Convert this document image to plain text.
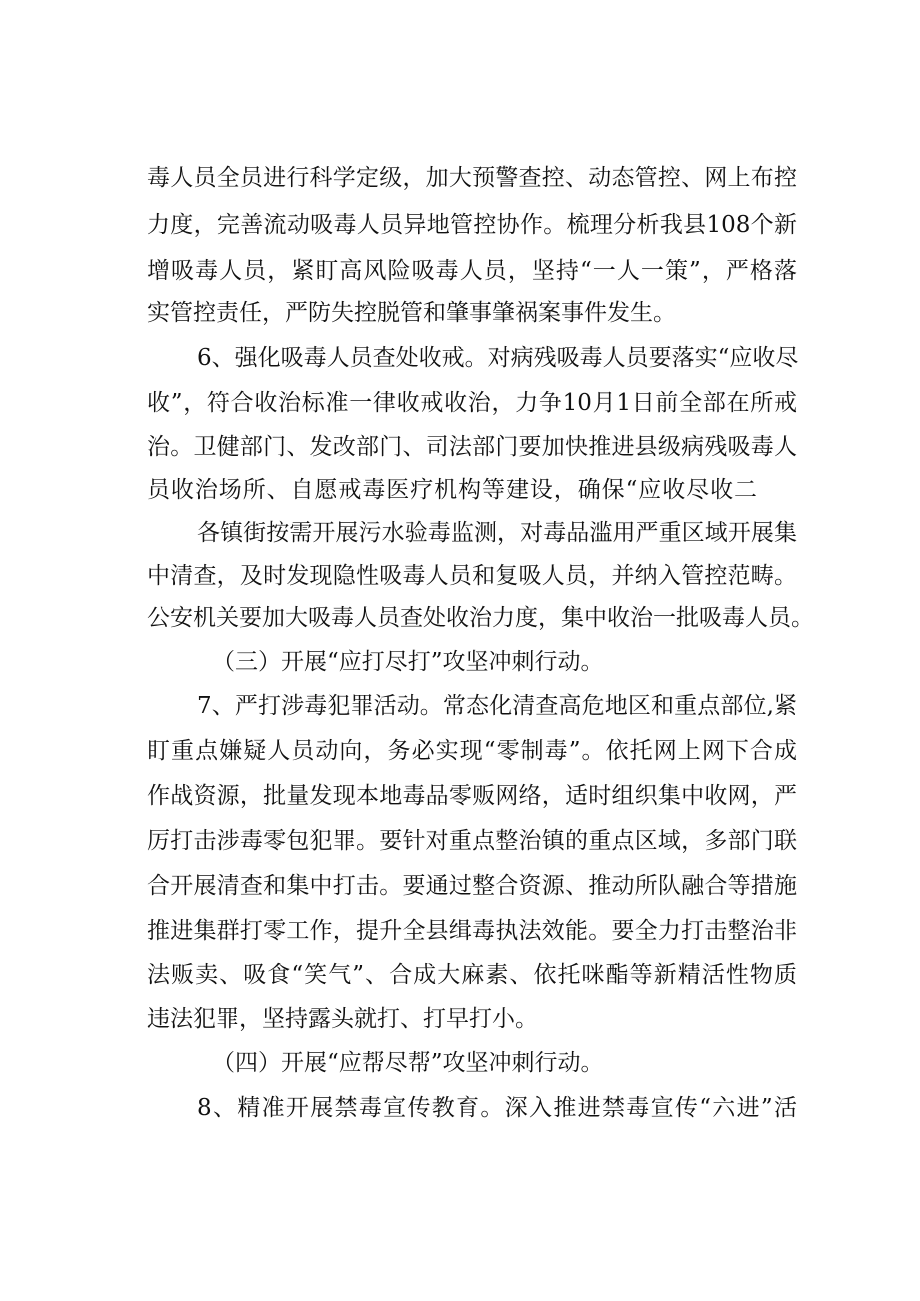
毒人员全员进行科学定级，加大预警查控、动态管控、网上布控
力度，完善流动吸毒人员异地管控协作。梳理分析我县108个新
增吸毒人员，紧盯高风险吸毒人员，坚持“一人一策”，严格落
实管控责任，严防失控脱管和肇事肇祸案事件发生。
6、强化吸毒人员查处收戒。对病残吸毒人员要落实“应收尽
收”，符合收治标准一律收戒收治，力争10月1日前全部在所戒
治。卫健部门、发改部门、司法部门要加快推进县级病残吸毒人
员收治场所、自愿戒毒医疗机构等建设，确保“应收尽收二
各镇街按需开展污水验毒监测，对毒品滥用严重区域开展集
中清查，及时发现隐性吸毒人员和复吸人员，并纳入管控范畴。
公安机关要加大吸毒人员查处收治力度，集中收治一批吸毒人员。
（三）开展“应打尽打”攻坚冲刺行动。
7、严打涉毒犯罪活动。常态化清查高危地区和重点部位,紧
盯重点嫌疑人员动向，务必实现“零制毒”。依托网上网下合成
作战资源，批量发现本地毒品零贩网络，适时组织集中收网，严
厉打击涉毒零包犯罪。要针对重点整治镇的重点区域，多部门联
合开展清查和集中打击。要通过整合资源、推动所队融合等措施
推进集群打零工作，提升全县缉毒执法效能。要全力打击整治非
法贩卖、吸食“笑气”、合成大麻素、依托咪酯等新精活性物质
违法犯罪，坚持露头就打、打早打小。
（四）开展“应帮尽帮”攻坚冲刺行动。
8、精准开展禁毒宣传教育。深入推进禁毒宣传“六进”活
